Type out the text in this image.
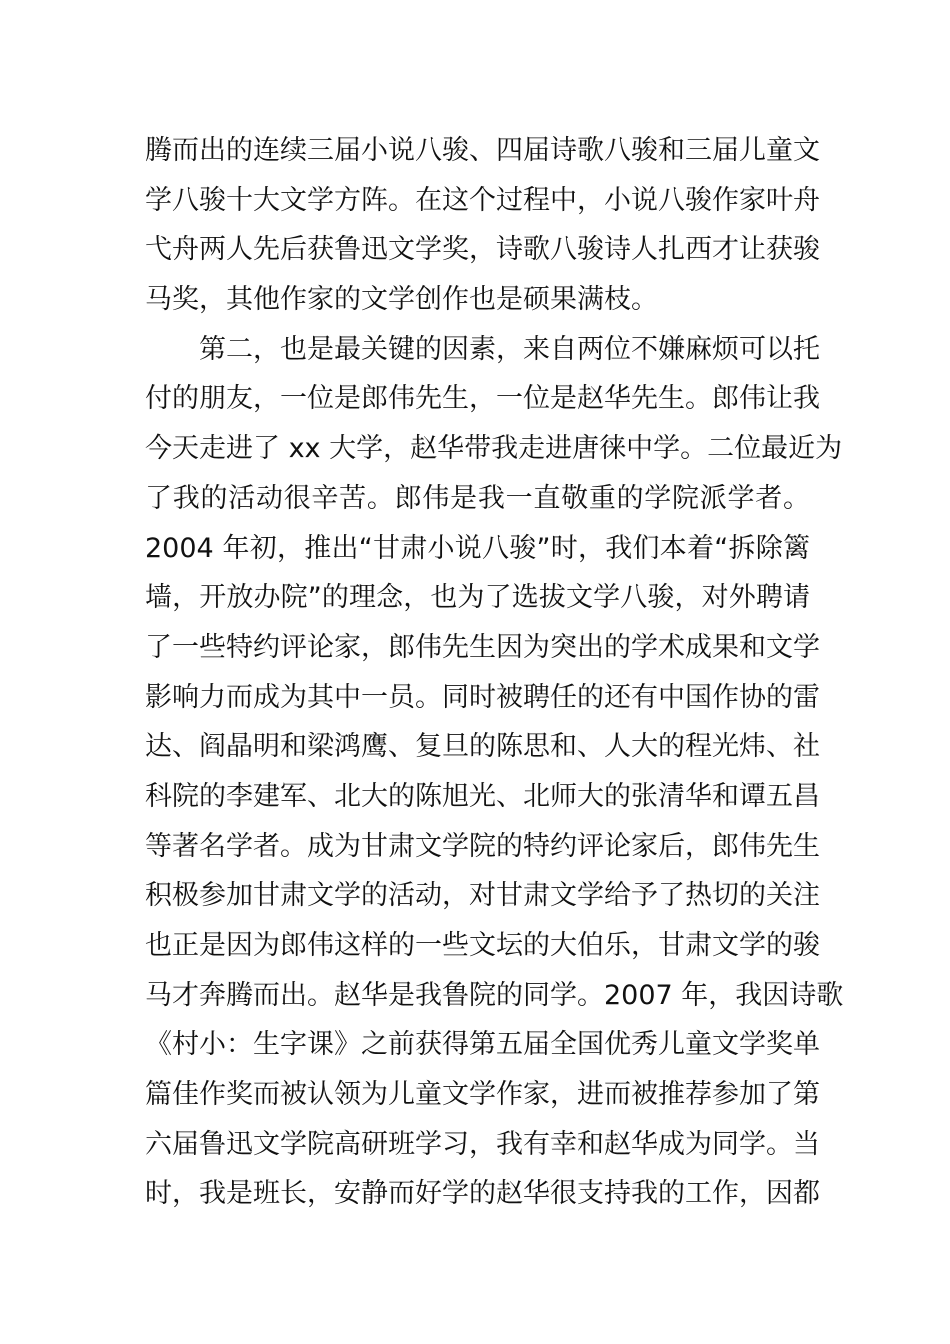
腾而出的连续三届小说八骏、四届诗歌八骏和三届儿童文
学八骏十大文学方阵。在这个过程中，小说八骏作家叶舟
弋舟两人先后获鲁迅文学奖，诗歌八骏诗人扎西才让获骏
马奖，其他作家的文学创作也是硕果满枝。
　　第二，也是最关键的因素，来自两位不嫌麻烦可以托
付的朋友，一位是郎伟先生，一位是赵华先生。郎伟让我
今天走进了 xx 大学，赵华带我走进唐徕中学。二位最近为
了我的活动很辛苦。郎伟是我一直敬重的学院派学者。
2004 年初，推出“甘肃小说八骏”时，我们本着“拆除篱
墙，开放办院”的理念，也为了选拔文学八骏，对外聘请
了一些特约评论家，郎伟先生因为突出的学术成果和文学
影响力而成为其中一员。同时被聘任的还有中国作协的雷
达、阎晶明和梁鸿鹰、复旦的陈思和、人大的程光炜、社
科院的李建军、北大的陈旭光、北师大的张清华和谭五昌
等著名学者。成为甘肃文学院的特约评论家后，郎伟先生
积极参加甘肃文学的活动，对甘肃文学给予了热切的关注
也正是因为郎伟这样的一些文坛的大伯乐，甘肃文学的骏
马才奔腾而出。赵华是我鲁院的同学。2007 年，我因诗歌
《村小：生字课》之前获得第五届全国优秀儿童文学奖单
篇佳作奖而被认领为儿童文学作家，进而被推荐参加了第
六届鲁迅文学院高研班学习，我有幸和赵华成为同学。当
时，我是班长，安静而好学的赵华很支持我的工作，因都
